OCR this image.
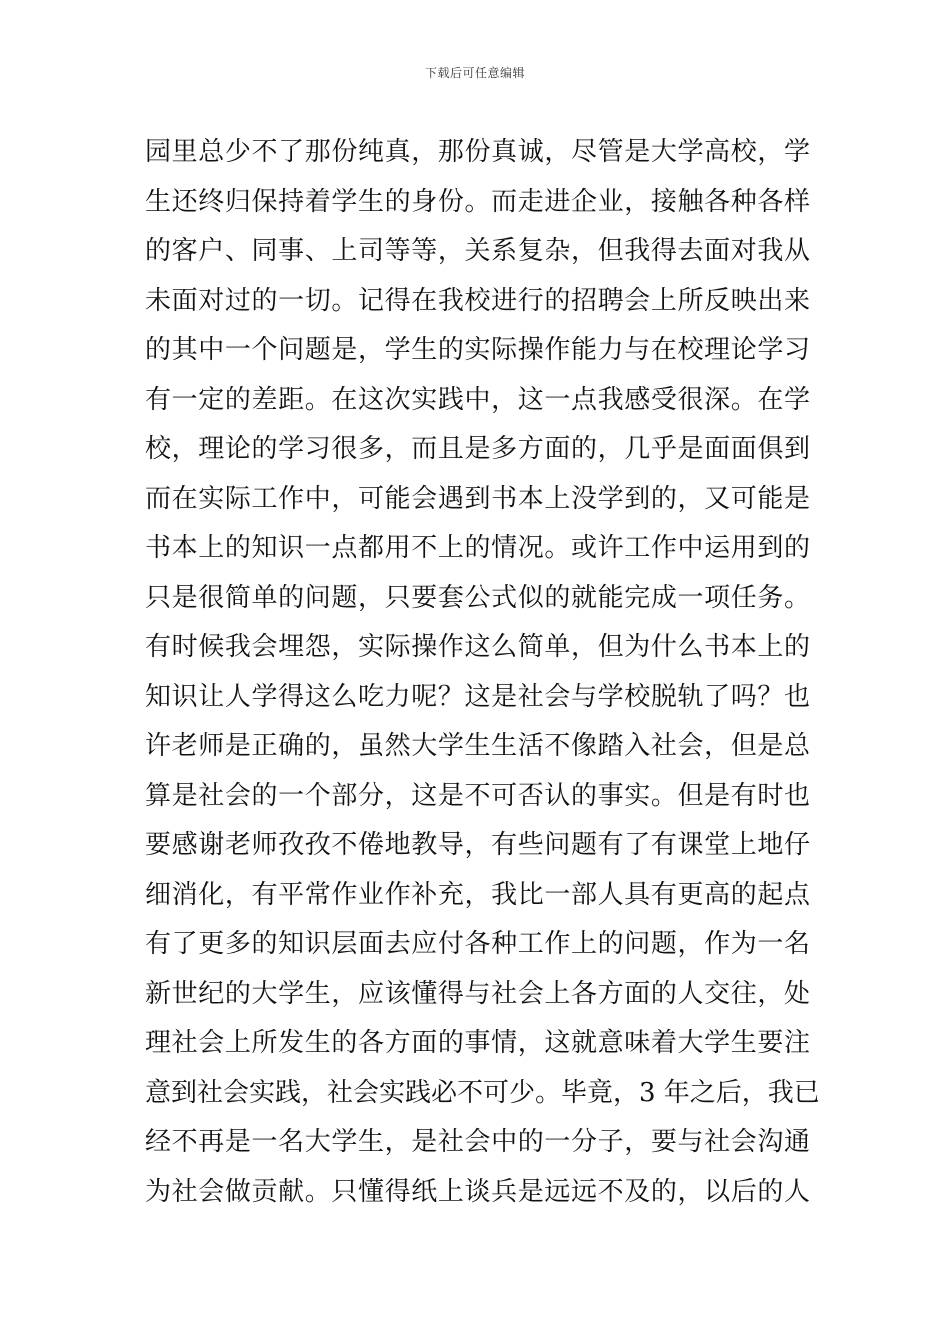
下载后可任意编辑
园里总少不了那份纯真，那份真诚，尽管是大学高校，学
生还终归保持着学生的身份。而走进企业，接触各种各样
的客户、同事、上司等等，关系复杂，但我得去面对我从
未面对过的一切。记得在我校进行的招聘会上所反映出来
的其中一个问题是，学生的实际操作能力与在校理论学习
有一定的差距。在这次实践中，这一点我感受很深。在学
校，理论的学习很多，而且是多方面的，几乎是面面俱到
而在实际工作中，可能会遇到书本上没学到的，又可能是
书本上的知识一点都用不上的情况。或许工作中运用到的
只是很简单的问题，只要套公式似的就能完成一项任务。
有时候我会埋怨，实际操作这么简单，但为什么书本上的
知识让人学得这么吃力呢？这是社会与学校脱轨了吗？也
许老师是正确的，虽然大学生生活不像踏入社会，但是总
算是社会的一个部分，这是不可否认的事实。但是有时也
要感谢老师孜孜不倦地教导，有些问题有了有课堂上地仔
细消化，有平常作业作补充，我比一部人具有更高的起点
有了更多的知识层面去应付各种工作上的问题，作为一名
新世纪的大学生，应该懂得与社会上各方面的人交往，处
理社会上所发生的各方面的事情，这就意味着大学生要注
意到社会实践，社会实践必不可少。毕竟，3 年之后，我已
经不再是一名大学生，是社会中的一分子，要与社会沟通
为社会做贡献。只懂得纸上谈兵是远远不及的，以后的人
